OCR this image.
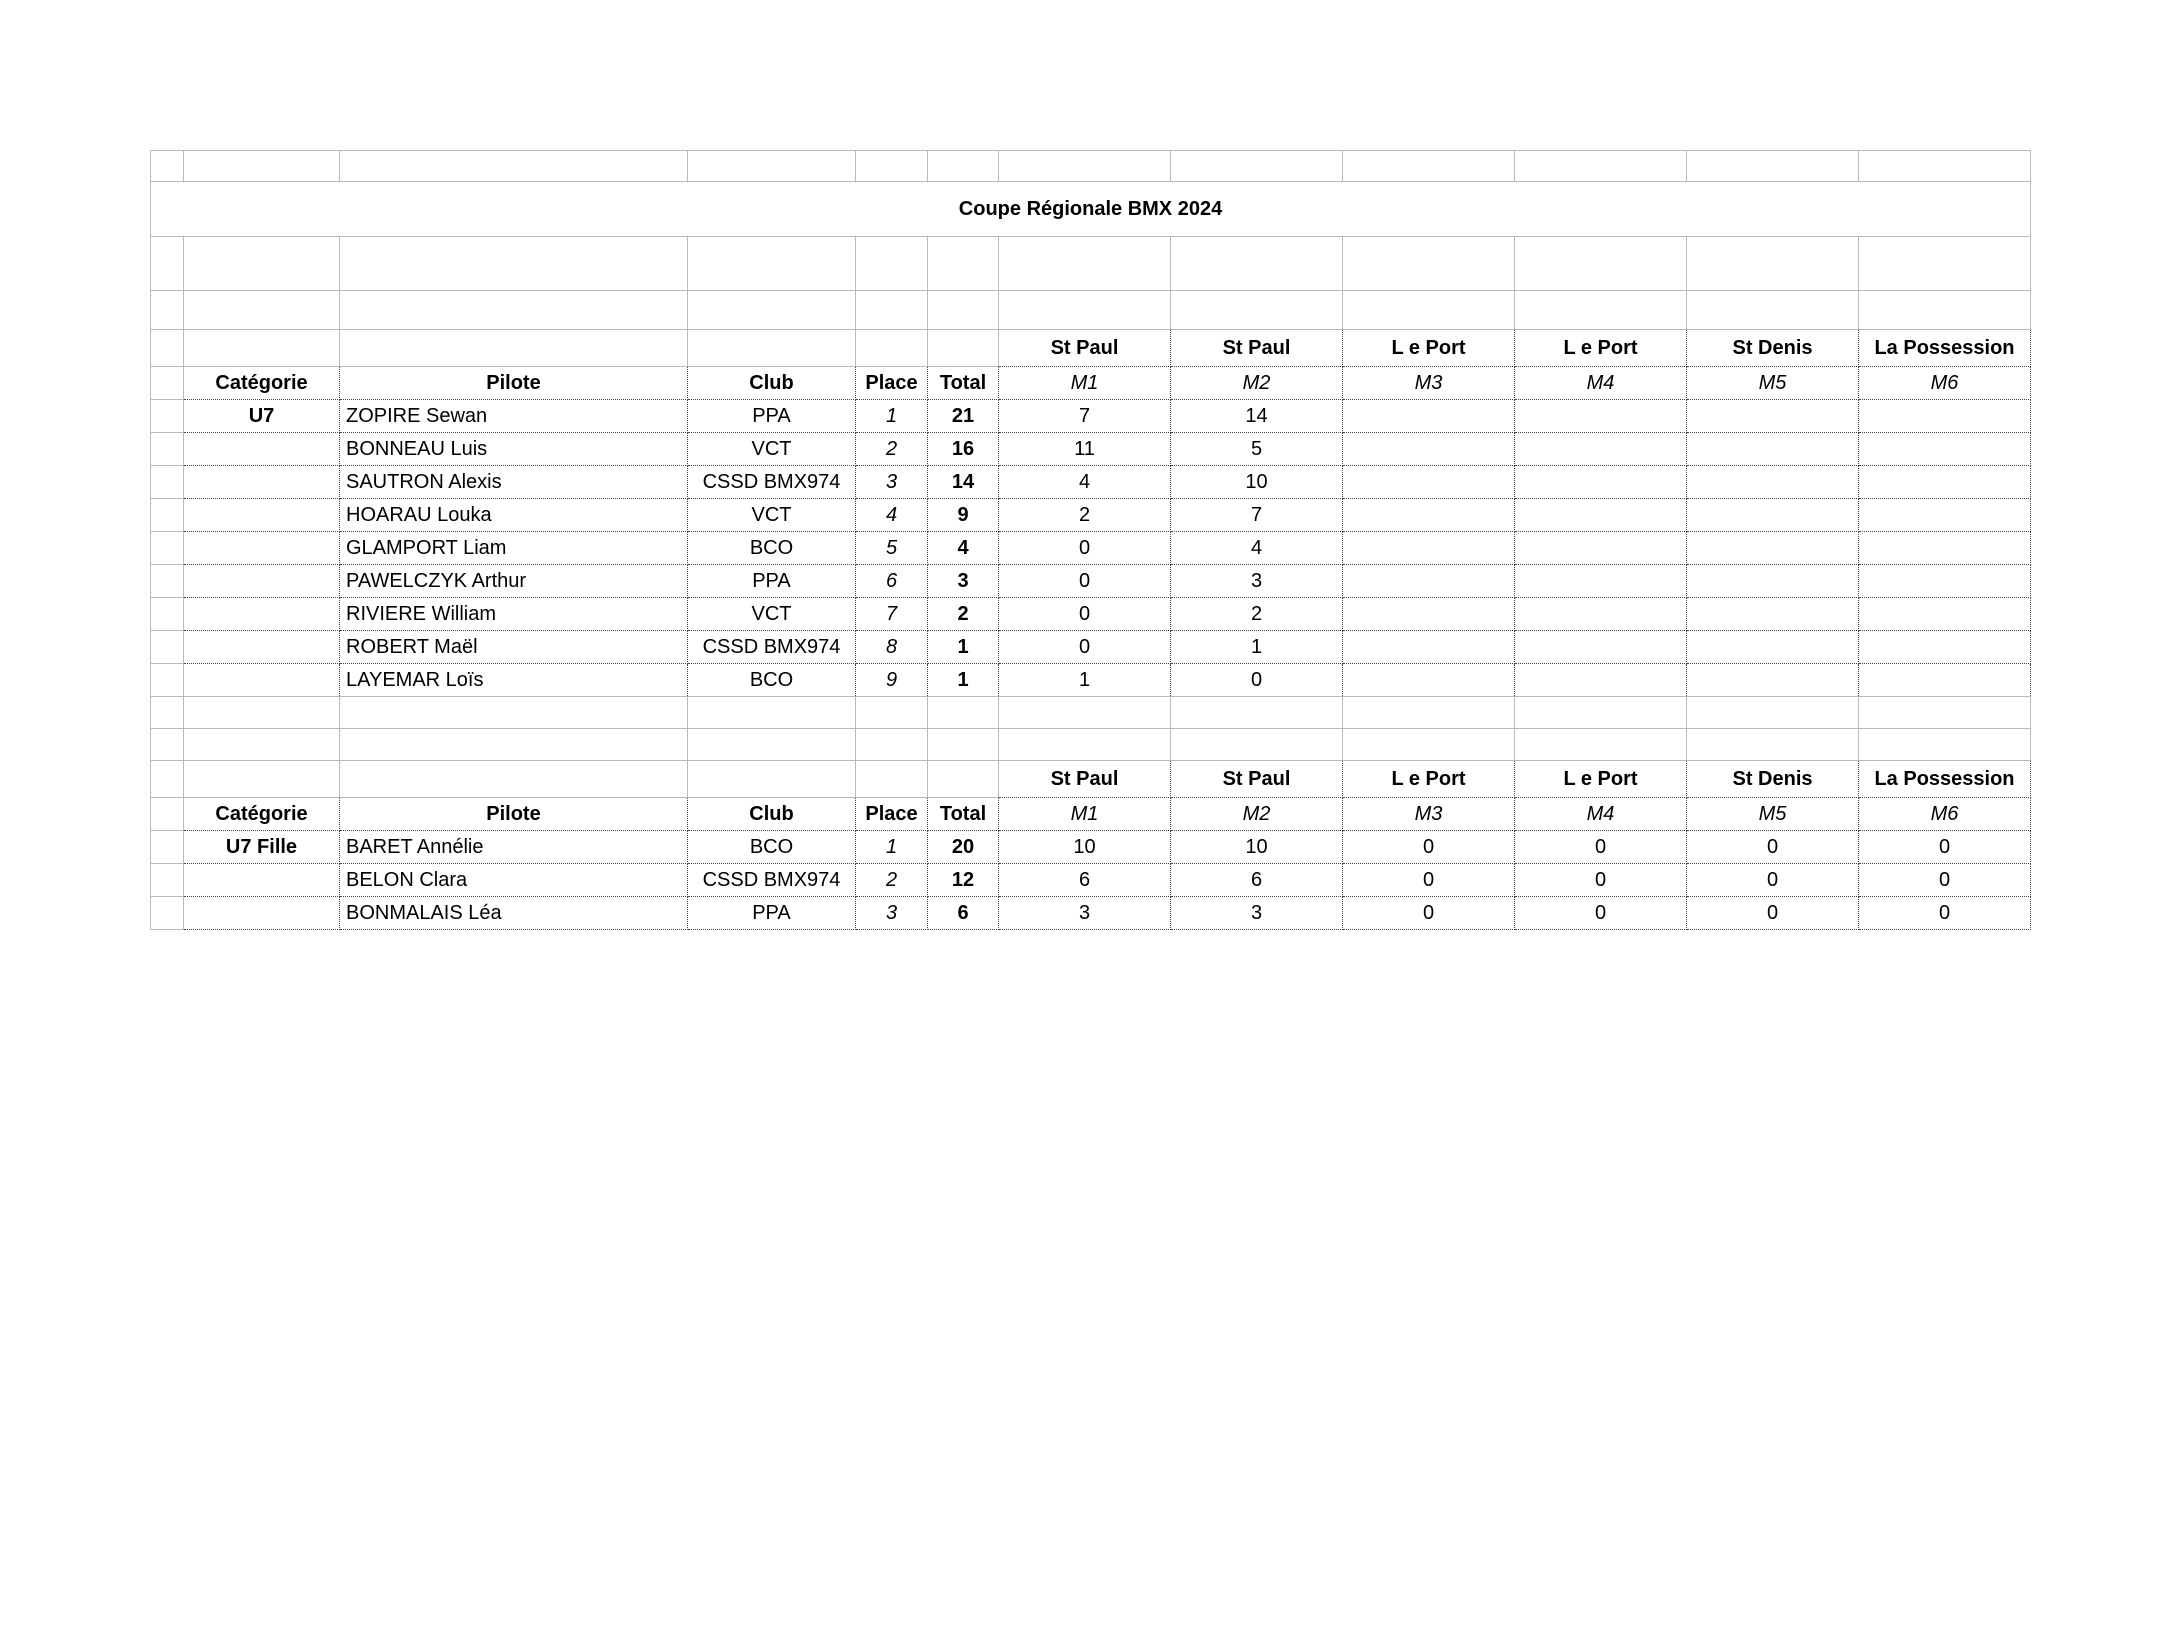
Coupe Régionale BMX 2024											

						St Paul	St Paul	L e Port	L e Port	St Denis	La Possession
	Catégorie	Pilote	Club	Place	Total	M1	M2	M3	M4	M5	M6
	U7	ZOPIRE Sewan	PPA	1	21	7	14				
		BONNEAU Luis	VCT	2	16	11	5				
		SAUTRON Alexis	CSSD BMX974	3	14	4	10				
		HOARAU Louka	VCT	4	9	2	7				
		GLAMPORT Liam	BCO	5	4	0	4				
		PAWELCZYK Arthur	PPA	6	3	0	3				
		RIVIERE William	VCT	7	2	0	2				
		ROBERT Maël	CSSD BMX974	8	1	0	1				
		LAYEMAR Loïs	BCO	9	1	1	0				

						St Paul	St Paul	L e Port	L e Port	St Denis	La Possession
	Catégorie	Pilote	Club	Place	Total	M1	M2	M3	M4	M5	M6
	U7 Fille	BARET Annélie	BCO	1	20	10	10	0	0	0	0
		BELON Clara	CSSD BMX974	2	12	6	6	0	0	0	0
		BONMALAIS Léa	PPA	3	6	3	3	0	0	0	0
